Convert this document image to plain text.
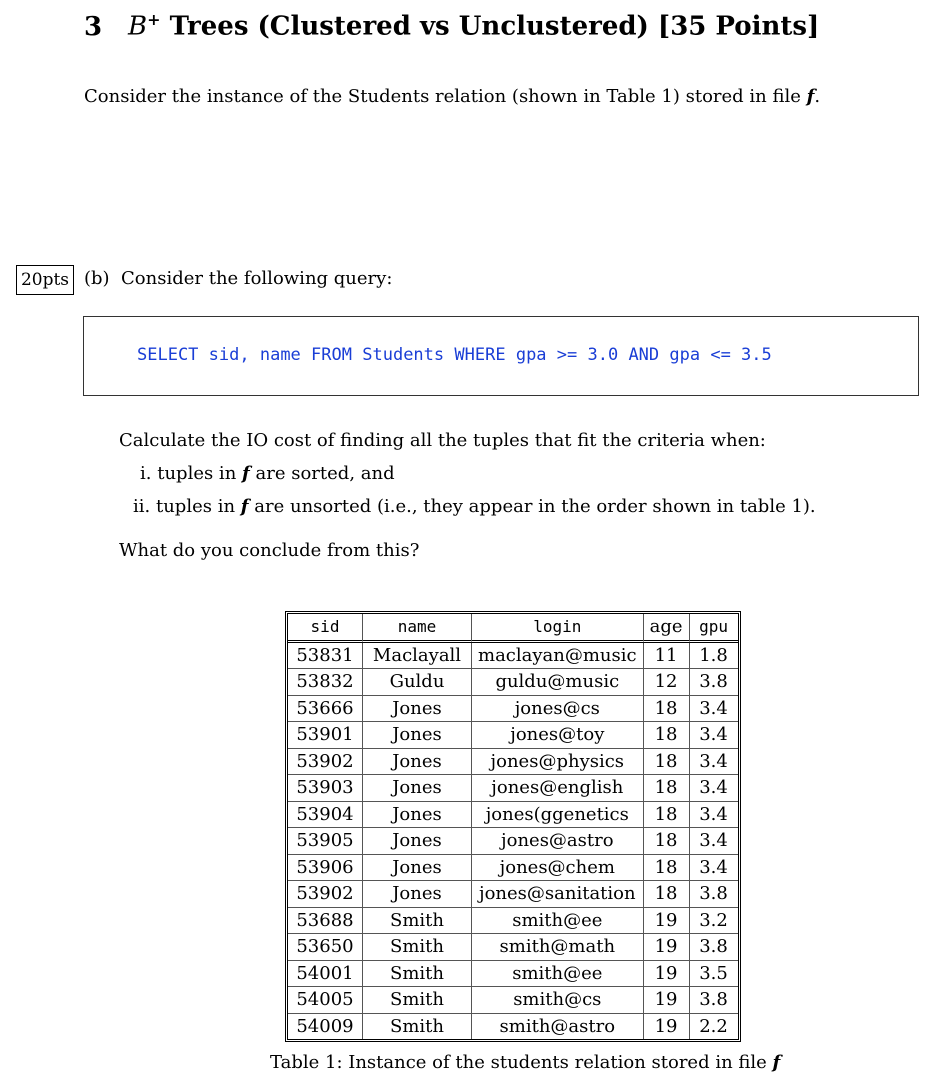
3 B+ Trees (Clustered vs Unclustered) [35 Points]
Consider the instance of the Students relation (shown in Table 1) stored in file f.
20pts (b) Consider the following query:
SELECT sid, name FROM Students WHERE gpa >= 3.0 AND gpa <= 3.5
Calculate the IO cost of finding all the tuples that fit the criteria when:
i. tuples in f are sorted, and
ii. tuples in f are unsorted (i.e., they appear in the order shown in table 1).
What do you conclude from this?
sid	name	login	age	gpu
53831	Maclayall	maclayan@music	11	1.8
53832	Guldu	guldu@music	12	3.8
53666	Jones	jones@cs	18	3.4
53901	Jones	jones@toy	18	3.4
53902	Jones	jones@physics	18	3.4
53903	Jones	jones@english	18	3.4
53904	Jones	jones(ggenetics	18	3.4
53905	Jones	jones@astro	18	3.4
53906	Jones	jones@chem	18	3.4
53902	Jones	jones@sanitation	18	3.8
53688	Smith	smith@ee	19	3.2
53650	Smith	smith@math	19	3.8
54001	Smith	smith@ee	19	3.5
54005	Smith	smith@cs	19	3.8
54009	Smith	smith@astro	19	2.2
Table 1: Instance of the students relation stored in file f
